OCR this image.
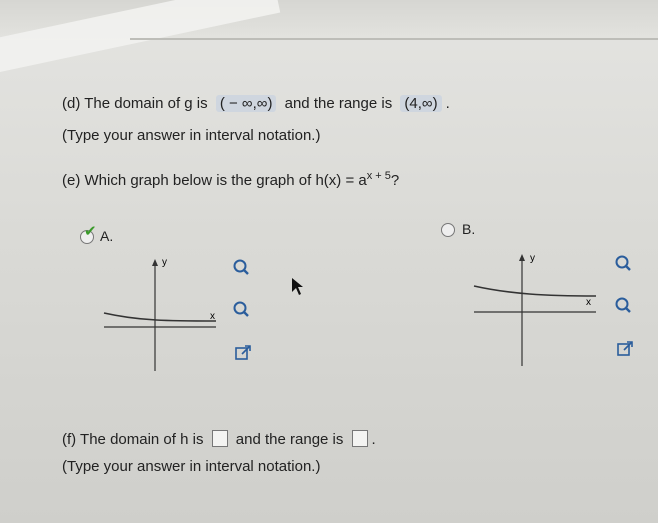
(d) The domain of g is ( − ∞,∞) and the range is (4,∞) .
(Type your answer in interval notation.)
(e) Which graph below is the graph of $h(x) = a^{x + 5}$?
✔ A.
y
x
B.
y
x
(f) The domain of h is and the range is .
(Type your answer in interval notation.)
